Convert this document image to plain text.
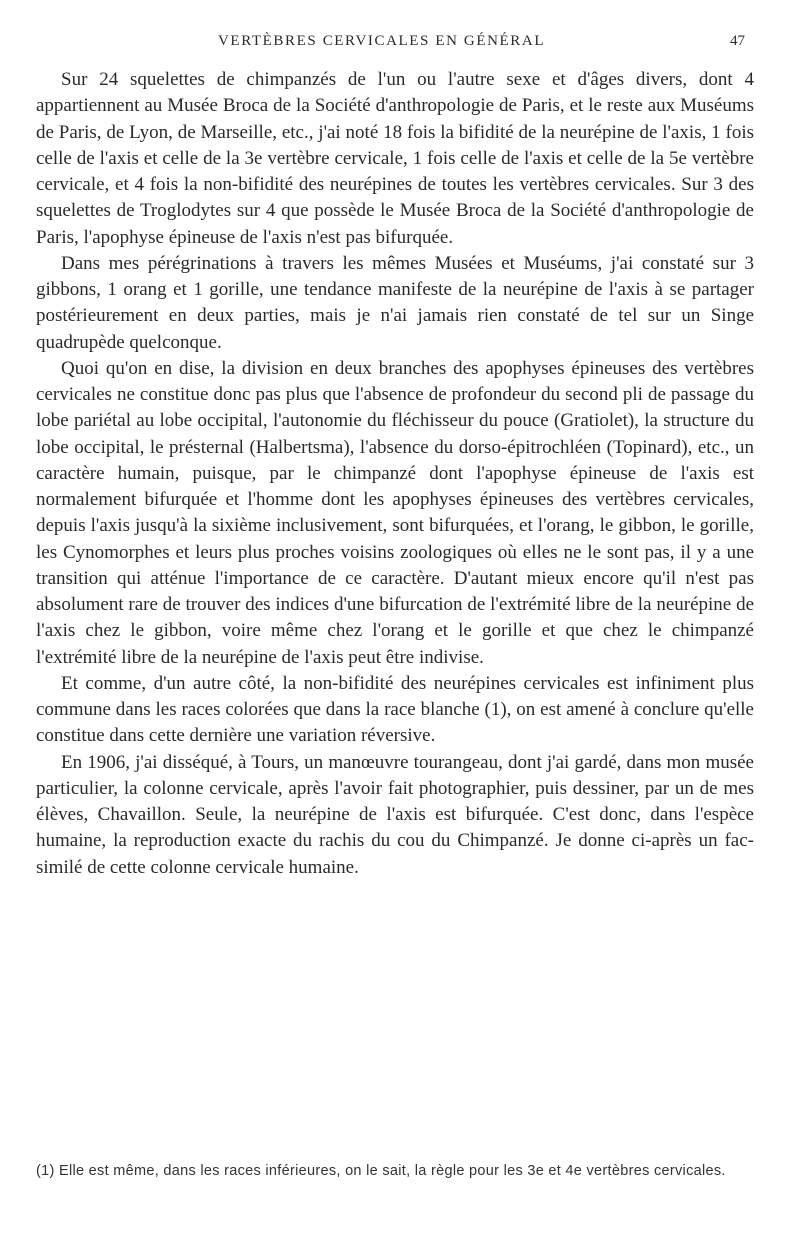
VERTÈBRES CERVICALES EN GÉNÉRAL	47

Sur 24 squelettes de chimpanzés de l'un ou l'autre sexe et d'âges divers, dont 4 appartiennent au Musée Broca de la Société d'anthropologie de Paris, et le reste aux Muséums de Paris, de Lyon, de Marseille, etc., j'ai noté 18 fois la bifidité de la neurépine de l'axis, 1 fois celle de l'axis et celle de la 3e vertèbre cervicale, 1 fois celle de l'axis et celle de la 5e vertèbre cervicale, et 4 fois la non-bifidité des neurépines de toutes les vertèbres cervicales. Sur 3 des squelettes de Troglodytes sur 4 que possède le Musée Broca de la Société d'anthropologie de Paris, l'apophyse épineuse de l'axis n'est pas bifurquée.

Dans mes pérégrinations à travers les mêmes Musées et Muséums, j'ai constaté sur 3 gibbons, 1 orang et 1 gorille, une tendance manifeste de la neurépine de l'axis à se partager postérieurement en deux parties, mais je n'ai jamais rien constaté de tel sur un Singe quadrupède quelconque.

Quoi qu'on en dise, la division en deux branches des apophyses épineuses des vertèbres cervicales ne constitue donc pas plus que l'absence de profondeur du second pli de passage du lobe pariétal au lobe occipital, l'autonomie du fléchisseur du pouce (Gratiolet), la structure du lobe occipital, le présternal (Halbertsma), l'absence du dorso-épitrochléen (Topinard), etc., un caractère humain, puisque, par le chimpanzé dont l'apophyse épineuse de l'axis est normalement bifurquée et l'homme dont les apophyses épineuses des vertèbres cervicales, depuis l'axis jusqu'à la sixième inclusivement, sont bifurquées, et l'orang, le gibbon, le gorille, les Cynomorphes et leurs plus proches voisins zoologiques où elles ne le sont pas, il y a une transition qui atténue l'importance de ce caractère. D'autant mieux encore qu'il n'est pas absolument rare de trouver des indices d'une bifurcation de l'extrémité libre de la neurépine de l'axis chez le gibbon, voire même chez l'orang et le gorille et que chez le chimpanzé l'extrémité libre de la neurépine de l'axis peut être indivise.

Et comme, d'un autre côté, la non-bifidité des neurépines cervicales est infiniment plus commune dans les races colorées que dans la race blanche (1), on est amené à conclure qu'elle constitue dans cette dernière une variation réversive.

En 1906, j'ai disséqué, à Tours, un manœuvre tourangeau, dont j'ai gardé, dans mon musée particulier, la colonne cervicale, après l'avoir fait photographier, puis dessiner, par un de mes élèves, Chavaillon. Seule, la neurépine de l'axis est bifurquée. C'est donc, dans l'espèce humaine, la reproduction exacte du rachis du cou du Chimpanzé. Je donne ci-après un fac-similé de cette colonne cervicale humaine.

(1) Elle est même, dans les races inférieures, on le sait, la règle pour les 3e et 4e vertèbres cervicales.
